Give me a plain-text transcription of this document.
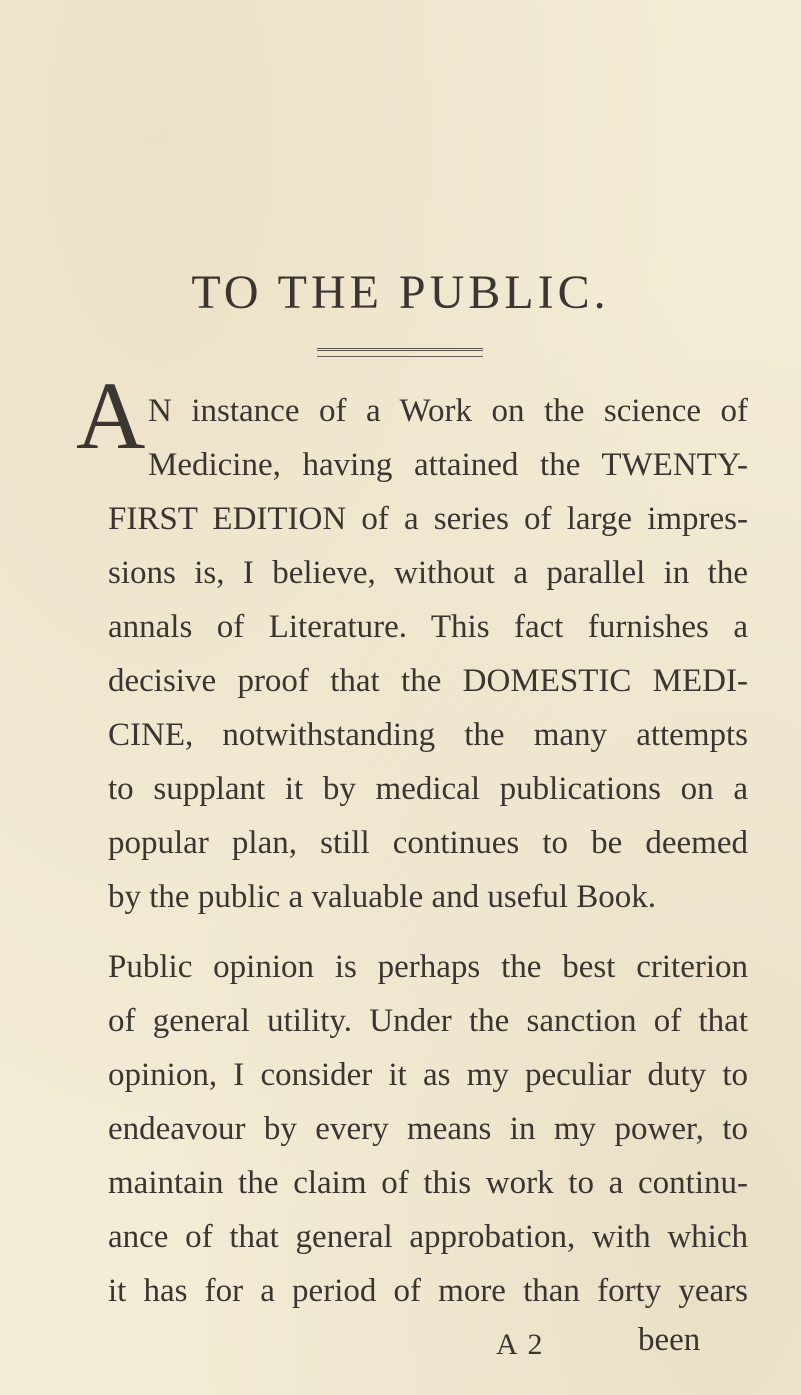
TO THE PUBLIC.
A N instance of a Work on the science of
Medicine, having attained the TWENTY-
FIRST EDITION of a series of large impres-
sions is, I believe, without a parallel in the
annals of Literature. This fact furnishes a
decisive proof that the DOMESTIC MEDI-
CINE, notwithstanding the many attempts
to supplant it by medical publications on a
popular plan, still continues to be deemed
by the public a valuable and useful Book.
Public opinion is perhaps the best criterion
of general utility. Under the sanction of that
opinion, I consider it as my peculiar duty to
endeavour by every means in my power, to
maintain the claim of this work to a continu-
ance of that general approbation, with which
it has for a period of more than forty years
A 2	been
